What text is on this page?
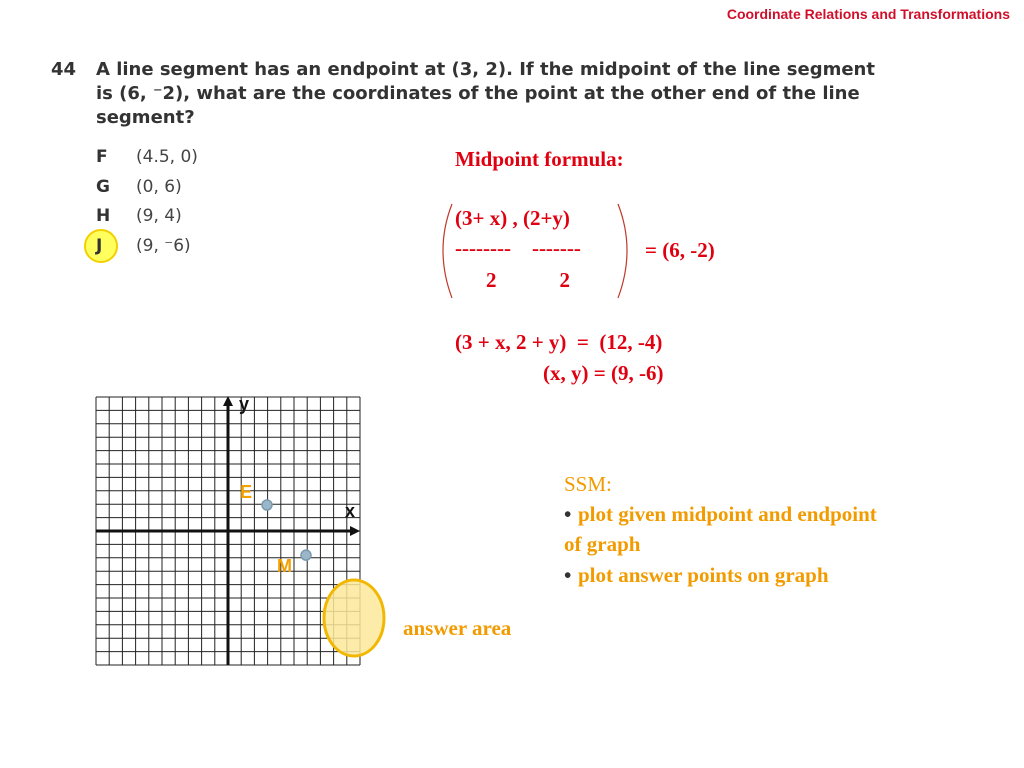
Coordinate Relations and Transformations
44 A line segment has an endpoint at (3, 2). If the midpoint of the line segment is (6, ⁻2), what are the coordinates of the point at the other end of the line segment?
F (4.5, 0)
G (0, 6)
H (9, 4)
J (9, ⁻6)
Midpoint formula:
(3+ x) , (2+y)
--------    -------
2            2
= (6, -2)
(3 + x, 2 + y)  =  (12, -4)
(x, y) = (9, -6)
SSM:
• plot given midpoint and endpoint of graph
• plot answer points on graph
y
x
E
M
answer area
